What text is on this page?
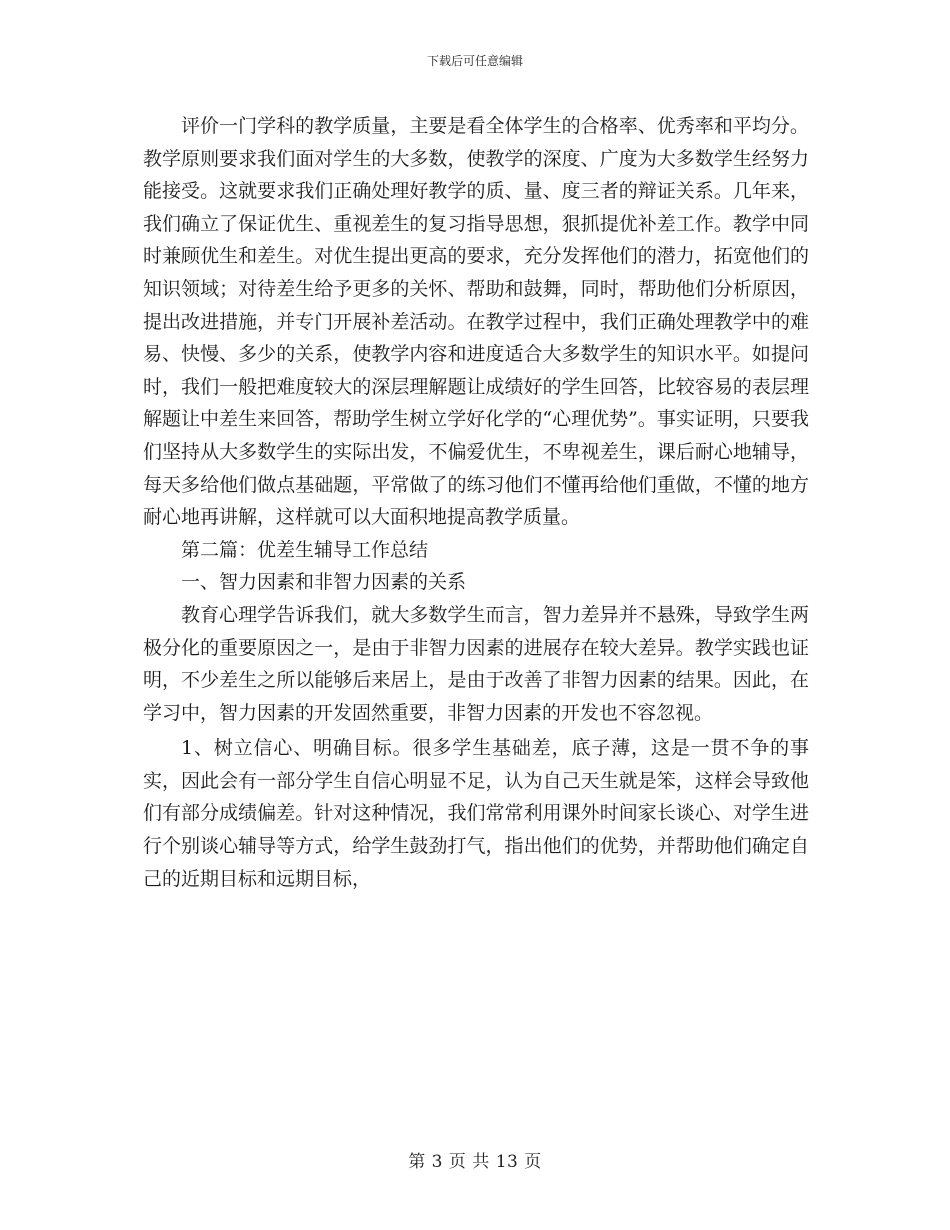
下载后可任意编辑

评价一门学科的教学质量，主要是看全体学生的合格率、优秀率和平均分。教学原则要求我们面对学生的大多数，使教学的深度、广度为大多数学生经努力能接受。这就要求我们正确处理好教学的质、量、度三者的辩证关系。几年来，我们确立了保证优生、重视差生的复习指导思想，狠抓提优补差工作。教学中同时兼顾优生和差生。对优生提出更高的要求，充分发挥他们的潜力，拓宽他们的知识领域；对待差生给予更多的关怀、帮助和鼓舞，同时，帮助他们分析原因，提出改进措施，并专门开展补差活动。在教学过程中，我们正确处理教学中的难易、快慢、多少的关系，使教学内容和进度适合大多数学生的知识水平。如提问时，我们一般把难度较大的深层理解题让成绩好的学生回答，比较容易的表层理解题让中差生来回答，帮助学生树立学好化学的“心理优势”。事实证明，只要我们坚持从大多数学生的实际出发，不偏爱优生，不卑视差生，课后耐心地辅导，每天多给他们做点基础题，平常做了的练习他们不懂再给他们重做，不懂的地方耐心地再讲解，这样就可以大面积地提高教学质量。

第二篇：优差生辅导工作总结

一、智力因素和非智力因素的关系

教育心理学告诉我们，就大多数学生而言，智力差异并不悬殊，导致学生两极分化的重要原因之一，是由于非智力因素的进展存在较大差异。教学实践也证明，不少差生之所以能够后来居上，是由于改善了非智力因素的结果。因此，在学习中，智力因素的开发固然重要，非智力因素的开发也不容忽视。

1、树立信心、明确目标。很多学生基础差，底子薄，这是一贯不争的事实，因此会有一部分学生自信心明显不足，认为自己天生就是笨，这样会导致他们有部分成绩偏差。针对这种情况，我们常常利用课外时间家长谈心、对学生进行个别谈心辅导等方式，给学生鼓劲打气，指出他们的优势，并帮助他们确定自己的近期目标和远期目标，

第 3 页 共 13 页
